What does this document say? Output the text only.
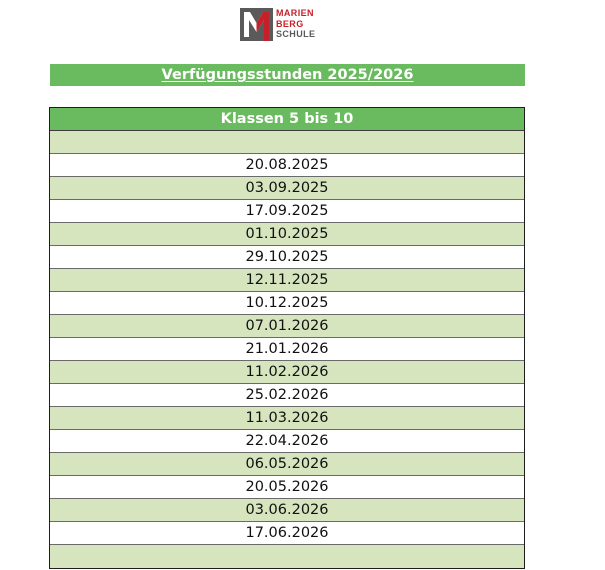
MARIEN
BERG
SCHULE
Verfügungsstunden 2025/2026
Klassen 5 bis 10
20.08.2025
03.09.2025
17.09.2025
01.10.2025
29.10.2025
12.11.2025
10.12.2025
07.01.2026
21.01.2026
11.02.2026
25.02.2026
11.03.2026
22.04.2026
06.05.2026
20.05.2026
03.06.2026
17.06.2026
